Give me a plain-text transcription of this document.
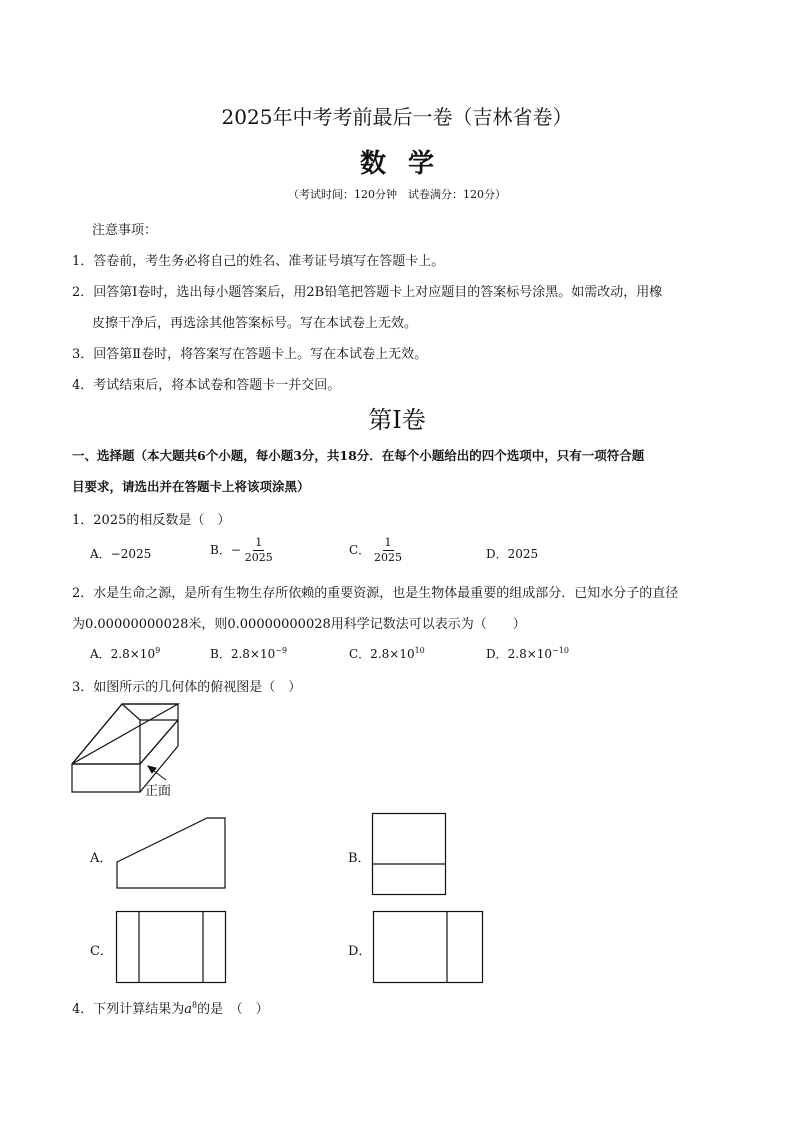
2025年中考考前最后一卷（吉林省卷）
数学
（考试时间：120分钟　试卷满分：120分）
注意事项：
1．答卷前，考生务必将自己的姓名、准考证号填写在答题卡上。
2．回答第Ⅰ卷时，选出每小题答案后，用2B铅笔把答题卡上对应题目的答案标号涂黑。如需改动，用橡
皮擦干净后，再选涂其他答案标号。写在本试卷上无效。
3．回答第Ⅱ卷时，将答案写在答题卡上。写在本试卷上无效。
4．考试结束后，将本试卷和答题卡一并交回。
第Ⅰ卷
一、选择题（本大题共6个小题，每小题3分，共18分．在每个小题给出的四个选项中，只有一项符合题
目要求，请选出并在答题卡上将该项涂黑）
1．2025的相反数是（　）
A．−2025	B．− $\frac{1}{2025}$	C． $\frac{1}{2025}$	D．2025
2．水是生命之源，是所有生物生存所依赖的重要资源，也是生物体最重要的组成部分．已知水分子的直径
为0.00000000028米，则0.00000000028用科学记数法可以表示为（　　）
A．$2.8\times 10^9$	B．$2.8\times 10^{-9}$	C．$2.8\times 10^{10}$	D．$2.8\times 10^{-10}$
3．如图所示的几何体的俯视图是（　）
正面
A．	B．
C．	D．
4．下列计算结果为$a^8$的是　（　）
